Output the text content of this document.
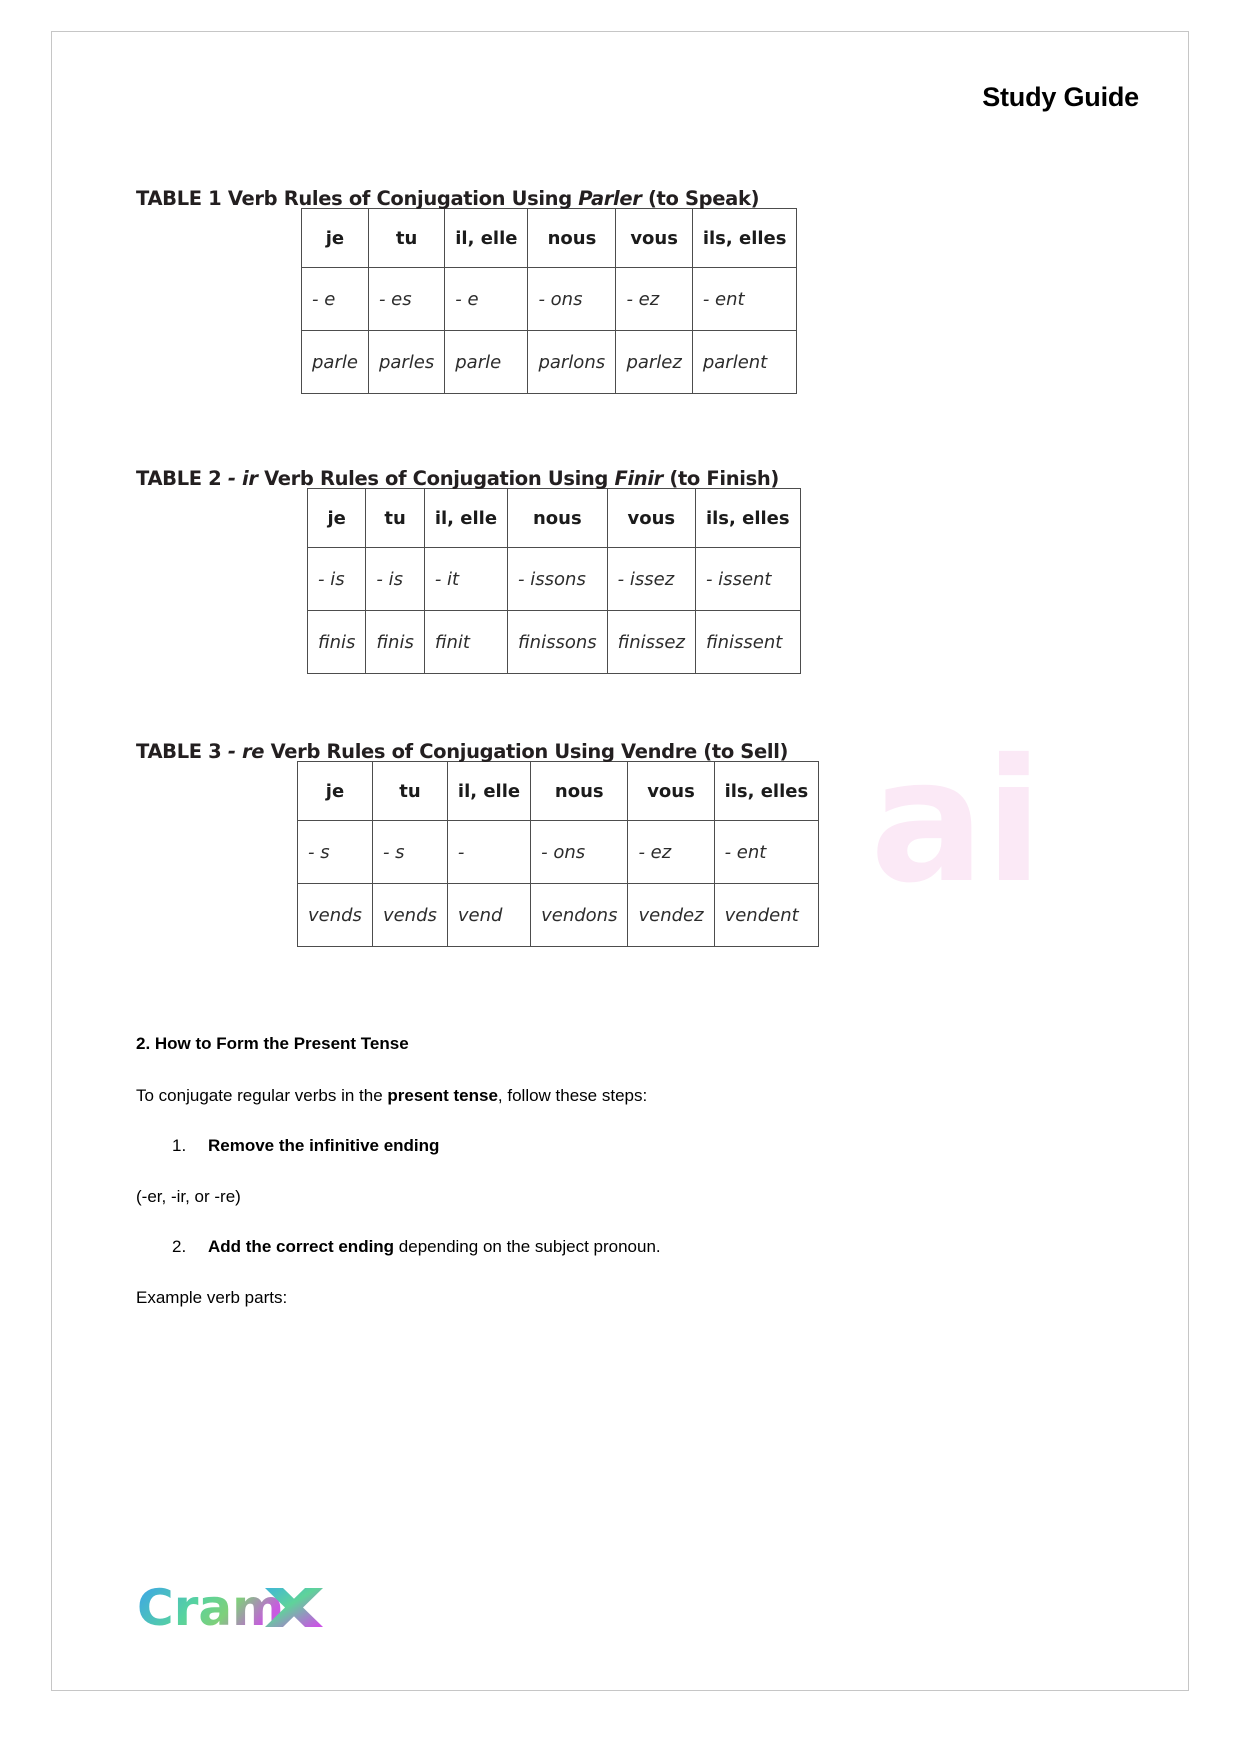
Study Guide
ai
TABLE 1 Verb Rules of Conjugation Using Parler (to Speak)
je	tu	il, elle	nous	vous	ils, elles
- e	- es	- e	- ons	- ez	- ent
parle	parles	parle	parlons	parlez	parlent
TABLE 2 - ir Verb Rules of Conjugation Using Finir (to Finish)
je	tu	il, elle	nous	vous	ils, elles
- is	- is	- it	- issons	- issez	- issent
finis	finis	finit	finissons	finissez	finissent
TABLE 3 - re Verb Rules of Conjugation Using Vendre (to Sell)
je	tu	il, elle	nous	vous	ils, elles
- s	- s	-	- ons	- ez	- ent
vends	vends	vend	vendons	vendez	vendent
2. How to Form the Present Tense
To conjugate regular verbs in the present tense, follow these steps:
1.	Remove the infinitive ending
(-er, -ir, or -re)
2.	Add the correct ending depending on the subject pronoun.
Example verb parts:
Cram
